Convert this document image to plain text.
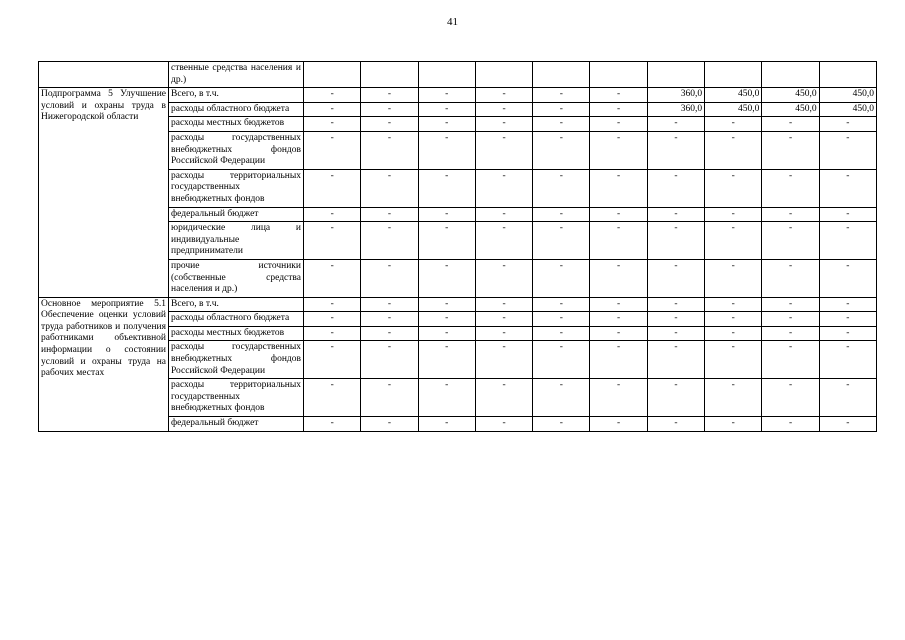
41
	ственные средства населения и др.)										
Подпрограмма 5 Улучшение условий и охраны труда в Нижегородской области	Всего, в т.ч.	-	-	-	-	-	-	360,0	450,0	450,0	450,0
	расходы областного бюджета	-	-	-	-	-	-	360,0	450,0	450,0	450,0
	расходы местных бюджетов	-	-	-	-	-	-	-	-	-	-
	расходы государственных внебюджетных фондов Российской Федерации	-	-	-	-	-	-	-	-	-	-
	расходы территориальных государственных внебюджетных фондов	-	-	-	-	-	-	-	-	-	-
	федеральный бюджет	-	-	-	-	-	-	-	-	-	-
	юридические лица и индивидуальные предприниматели	-	-	-	-	-	-	-	-	-	-
	прочие источники (собственные средства населения и др.)	-	-	-	-	-	-	-	-	-	-
Основное мероприятие 5.1 Обеспечение оценки условий труда работников и получения работниками объективной информации о состоянии условий и охраны труда на рабочих местах	Всего, в т.ч.	-	-	-	-	-	-	-	-	-	-
	расходы областного бюджета	-	-	-	-	-	-	-	-	-	-
	расходы местных бюджетов	-	-	-	-	-	-	-	-	-	-
	расходы государственных внебюджетных фондов Российской Федерации	-	-	-	-	-	-	-	-	-	-
	расходы территориальных государственных внебюджетных фондов	-	-	-	-	-	-	-	-	-	-
	федеральный бюджет	-	-	-	-	-	-	-	-	-	-
